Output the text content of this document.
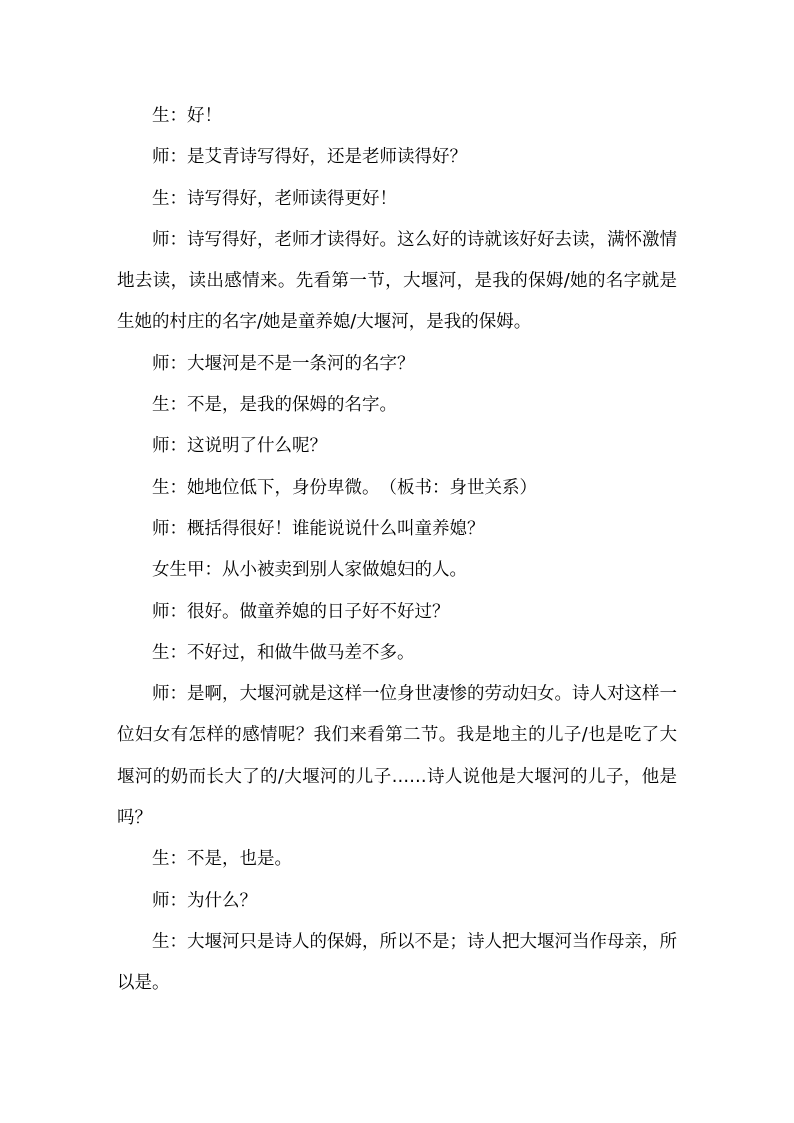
生：好！

师：是艾青诗写得好，还是老师读得好？

生：诗写得好，老师读得更好！

师：诗写得好，老师才读得好。这么好的诗就该好好去读，满怀激情地去读，读出感情来。先看第一节，大堰河，是我的保姆/她的名字就是生她的村庄的名字/她是童养媳/大堰河，是我的保姆。

师：大堰河是不是一条河的名字？

生：不是，是我的保姆的名字。

师：这说明了什么呢？

生：她地位低下，身份卑微。　（板书：身世关系）

师：概括得很好！谁能说说什么叫童养媳？

女生甲：从小被卖到别人家做媳妇的人。

师：很好。做童养媳的日子好不好过？

生：不好过，和做牛做马差不多。

师：是啊，大堰河就是这样一位身世凄惨的劳动妇女。诗人对这样一位妇女有怎样的感情呢？我们来看第二节。我是地主的儿子/也是吃了大堰河的奶而长大了的/大堰河的儿子……诗人说他是大堰河的儿子，他是吗？

生：不是，也是。

师：为什么？

生：大堰河只是诗人的保姆，所以不是；诗人把大堰河当作母亲，所以是。
